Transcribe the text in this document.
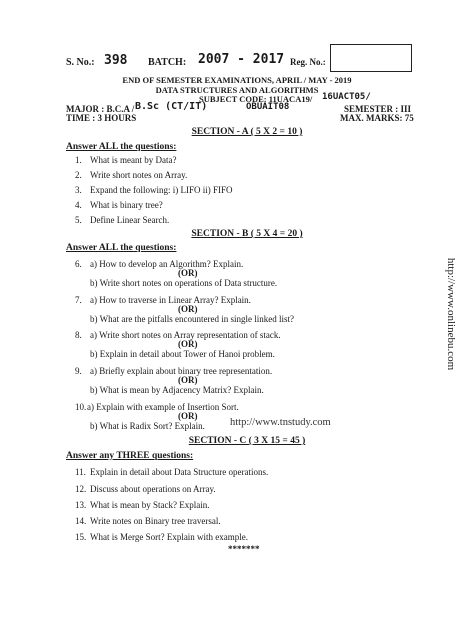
http://www.onlinebu.com
S. No.: 398 BATCH: 2007 - 2017 Reg. No.:
END OF SEMESTER EXAMINATIONS, APRIL / MAY - 2019
DATA STRUCTURES AND ALGORITHMS
SUBJECT CODE: 11UACA19/ 16UACT05/
OBUAIT08
MAJOR : B.C.A / B.Sc (CT/IT)	SEMESTER : III
TIME : 3 HOURS	MAX. MARKS: 75
SECTION - A ( 5 X 2 = 10 )
Answer ALL the questions:
1. What is meant by Data?
2. Write short notes on Array.
3. Expand the following: i) LIFO ii) FIFO
4. What is binary tree?
5. Define Linear Search.
SECTION - B ( 5 X 4 = 20 )
Answer ALL the questions:
6. a) How to develop an Algorithm? Explain.
(OR)
b) Write short notes on operations of Data structure.
7. a) How to traverse in Linear Array? Explain.
(OR)
b) What are the pitfalls encountered in single linked list?
8. a) Write short notes on Array representation of stack.
(OR)
b) Explain in detail about Tower of Hanoi problem.
9. a) Briefly explain about binary tree representation.
(OR)
b) What is mean by Adjacency Matrix? Explain.
10.a) Explain with example of Insertion Sort.
(OR)
b) What is Radix Sort? Explain. http://www.tnstudy.com
SECTION - C ( 3 X 15 = 45 )
Answer any THREE questions:
11. Explain in detail about Data Structure operations.
12. Discuss about operations on Array.
13. What is mean by Stack? Explain.
14. Write notes on Binary tree traversal.
15. What is Merge Sort? Explain with example.
*******
